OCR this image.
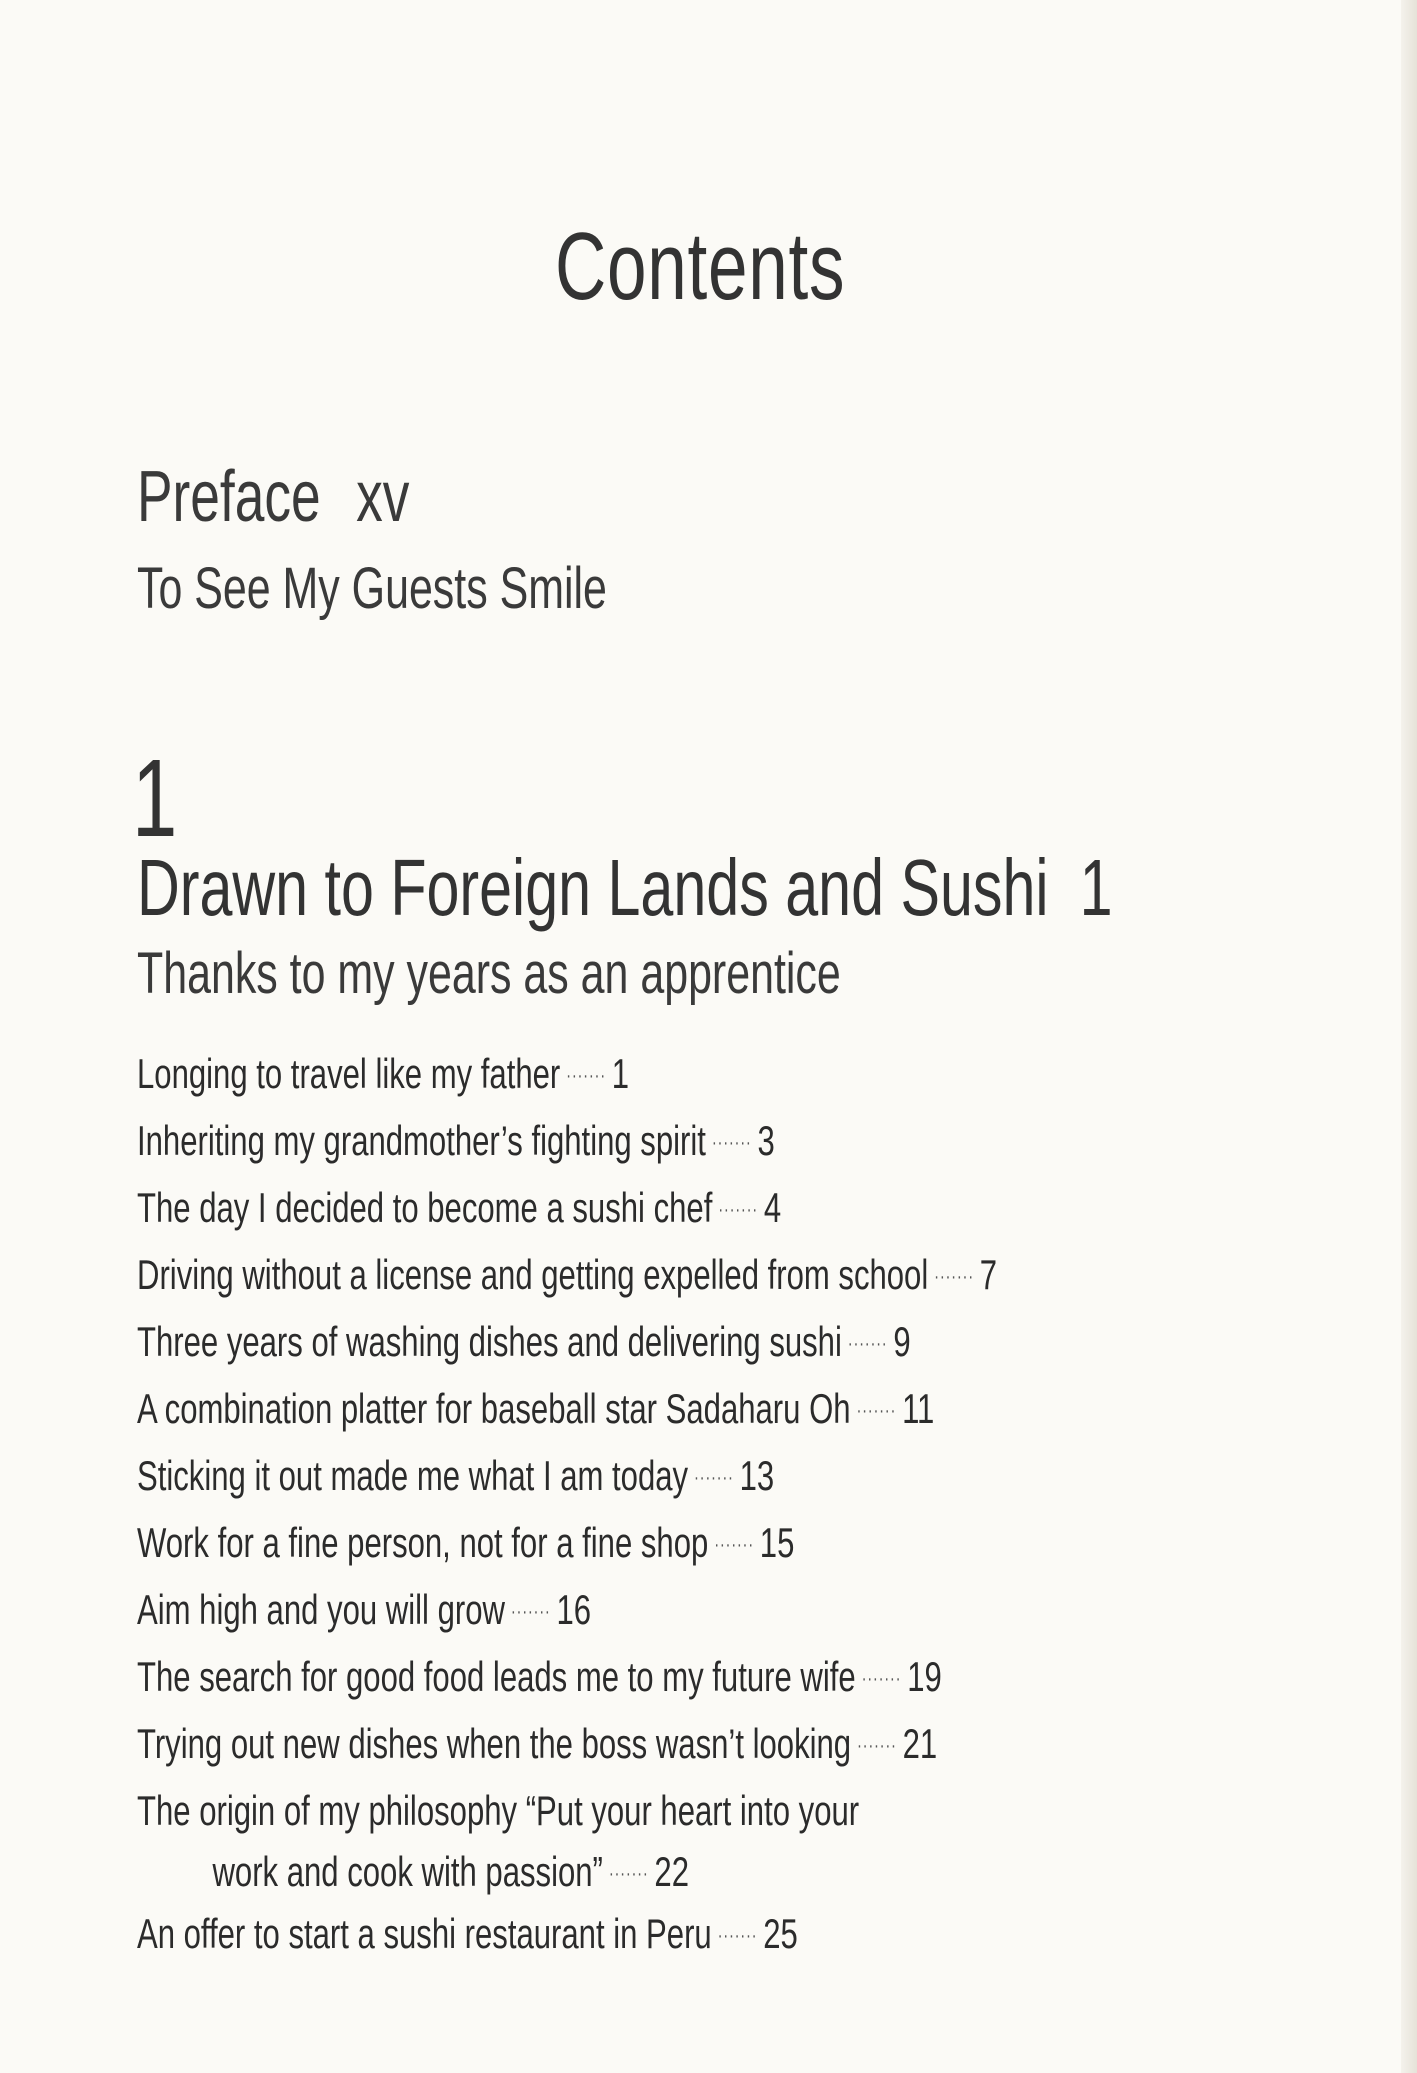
Contents
Preface xv
To See My Guests Smile
1
Drawn to Foreign Lands and Sushi 1
Thanks to my years as an apprentice
Longing to travel like my father ······· 1
Inheriting my grandmother’s fighting spirit ······· 3
The day I decided to become a sushi chef ······· 4
Driving without a license and getting expelled from school ······· 7
Three years of washing dishes and delivering sushi ······· 9
A combination platter for baseball star Sadaharu Oh ······· 11
Sticking it out made me what I am today ······· 13
Work for a fine person, not for a fine shop ······· 15
Aim high and you will grow ······· 16
The search for good food leads me to my future wife ······· 19
Trying out new dishes when the boss wasn’t looking ······· 21
The origin of my philosophy “Put your heart into your
work and cook with passion” ······· 22
An offer to start a sushi restaurant in Peru ······· 25
